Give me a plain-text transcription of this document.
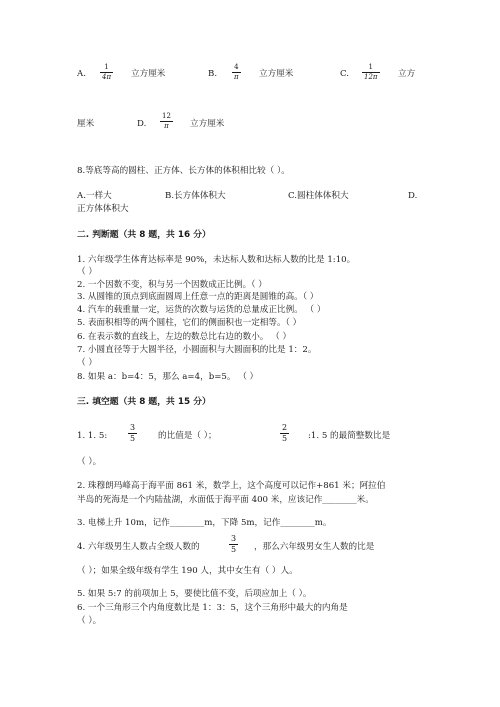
A.
1
4π 立方厘米	B.
4
π 立方厘米	C.
1
12π 立方
厘米	D.
12
π 立方厘米
8.等底等高的圆柱、正方体、长方体的体积相比较（ ）。
A.一样大	B.长方体体积大	C.圆柱体体积大	D.
正方体体积大
二. 判断题（共 8 题，共 16 分）
1. 六年级学生体育达标率是 90%，未达标人数和达标人数的比是 1:10。
（ ）
2. 一个因数不变，积与另一个因数成正比例。（ ）
3. 从圆锥的顶点到底面圆周上任意一点的距离是圆锥的高。（ ）
4. 汽车的载重量一定，运货的次数与运货的总量成正比例。 （ ）
5. 表面积相等的两个圆柱，它们的侧面积也一定相等。（ ）
6. 在表示数的直线上，左边的数总比右边的数小。 （ ）
7. 小圆直径等于大圆半径，小圆面积与大圆面积的比是 1：2。
（ ）
8. 如果 a：b=4：5，那么 a=4，b=5。 （ ）
三. 填空题（共 8 题，共 15 分）
1. 1. 5:
3
5	的比值是（ ）；
2
5 :1. 5 的最简整数比是
（ ）。
2. 珠穆朗玛峰高于海平面 861 米，数学上，这个高度可以记作+861 米；阿拉伯
半岛的死海是一个内陆盐湖，水面低于海平面 400 米，应该记作________米。
3. 电梯上升 10m，记作________m，下降 5m，记作________m。
4. 六年级男生人数占全级人数的
3
5 ，那么六年级男女生人数的比是
（ ）；如果全级年级有学生 190 人，其中女生有（ ）人。
5. 如果 5:7 的前项加上 5，要使比值不变，后项应加上（ ）。
6. 一个三角形三个内角度数比是 1：3：5，这个三角形中最大的内角是
（ ）。
